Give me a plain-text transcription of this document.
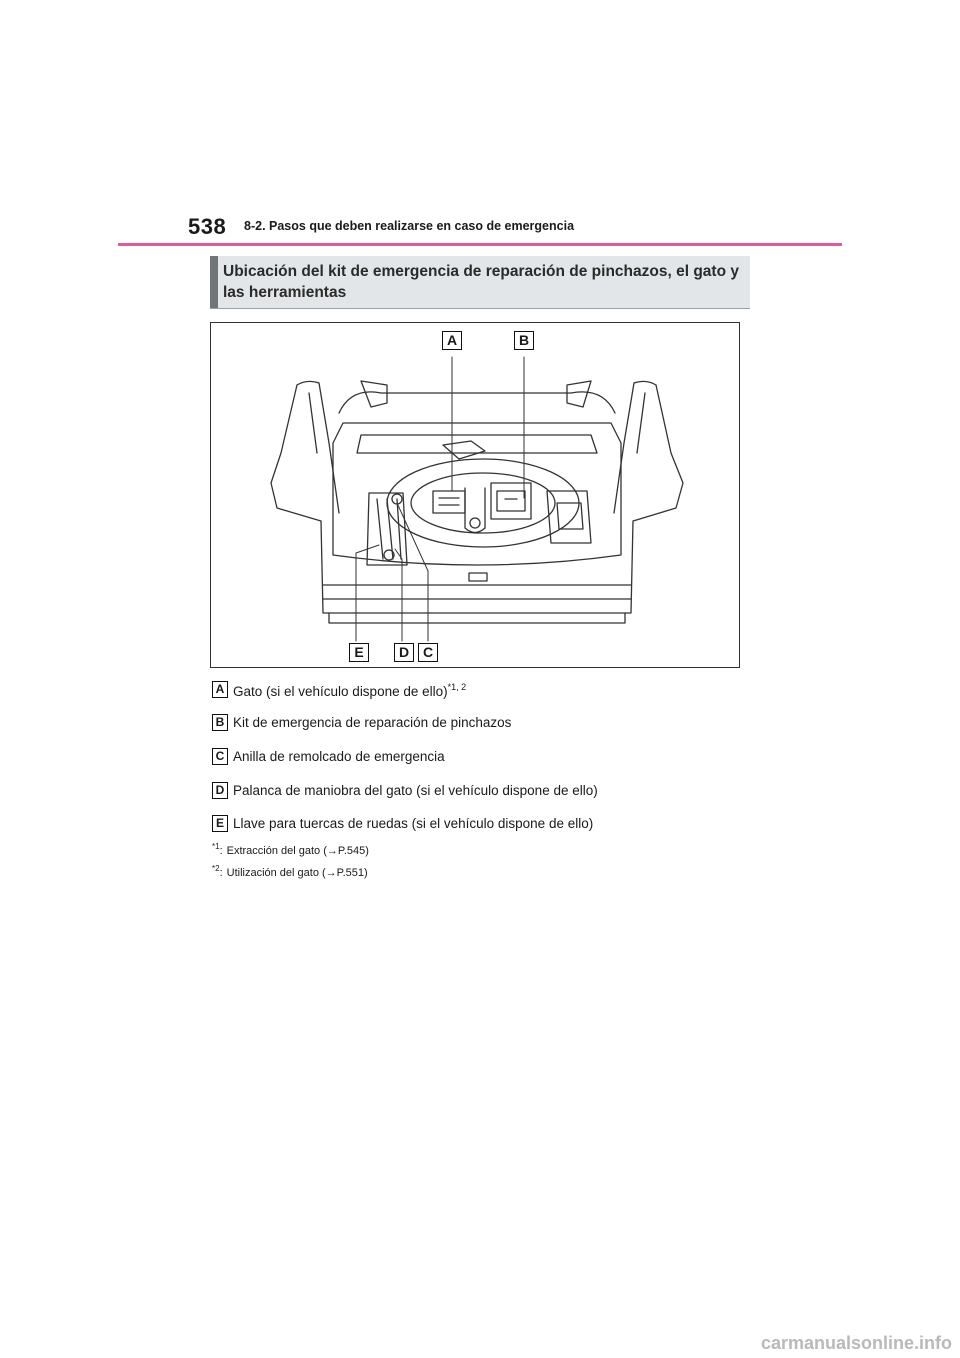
538 8-2. Pasos que deben realizarse en caso de emergencia

Ubicación del kit de emergencia de reparación de pinchazos, el gato y las herramientas

A	B
E	D C
A Gato (si el vehículo dispone de ello)$^{*1, 2}$
B Kit de emergencia de reparación de pinchazos
C Anilla de remolcado de emergencia
D Palanca de maniobra del gato (si el vehículo dispone de ello)
E Llave para tuercas de ruedas (si el vehículo dispone de ello)
$^{*1}$: Extracción del gato (→P.545)
$^{*2}$: Utilización del gato (→P.551)
carmanualsonline.info
